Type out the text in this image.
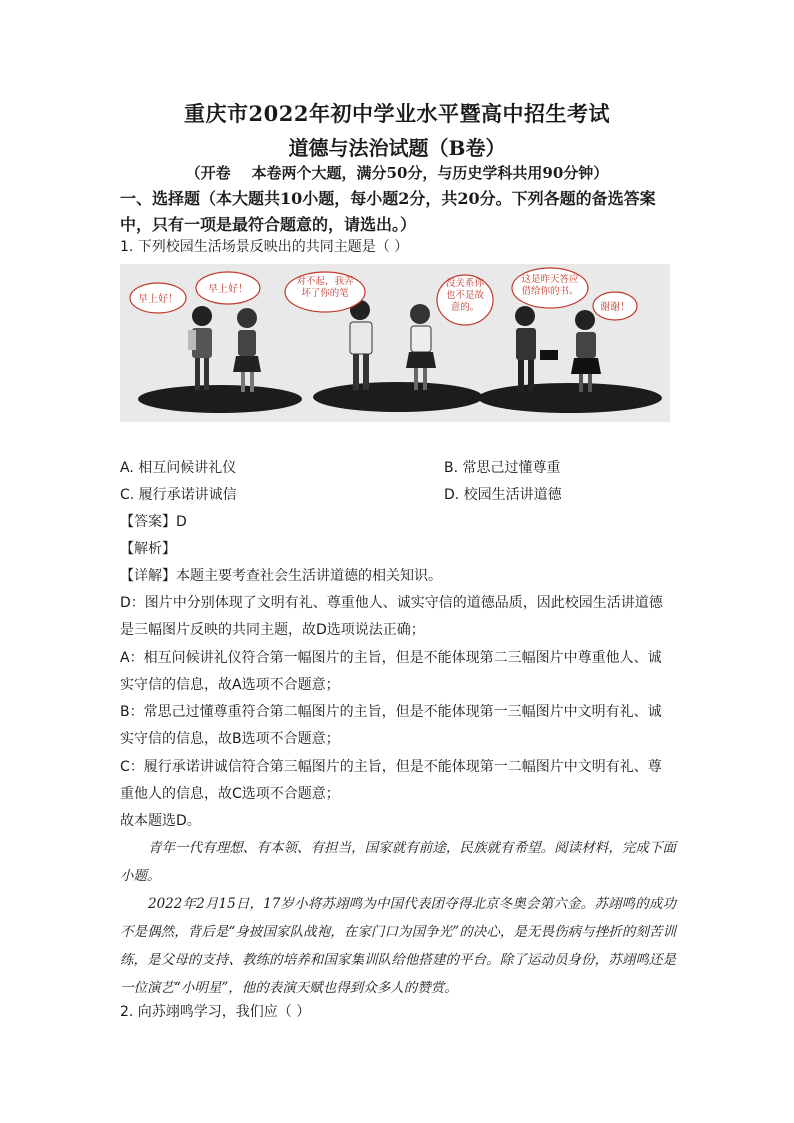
重庆市2022年初中学业水平暨高中招生考试
道德与法治试题（B卷）
（开卷    本卷两个大题，满分50分，与历史学科共用90分钟）
一、选择题（本大题共10小题，每小题2分，共20分。下列各题的备选答案
中，只有一项是最符合题意的，请选出。）
1. 下列校园生活场景反映出的共同主题是（ ）
早上好！
早上好！
对不起，我弄坏了你的笔
没关系你也不是故意的。
这是昨天答应借给你的书。
谢谢！
A. 相互问候讲礼仪	B. 常思己过懂尊重
C. 履行承诺讲诚信	D. 校园生活讲道德
【答案】D
【解析】
【详解】本题主要考查社会生活讲道德的相关知识。
D：图片中分别体现了文明有礼、尊重他人、诚实守信的道德品质，因此校园生活讲道德
是三幅图片反映的共同主题，故D选项说法正确；
A：相互问候讲礼仪符合第一幅图片的主旨，但是不能体现第二三幅图片中尊重他人、诚
实守信的信息，故A选项不合题意；
B：常思己过懂尊重符合第二幅图片的主旨，但是不能体现第一三幅图片中文明有礼、诚
实守信的信息，故B选项不合题意；
C：履行承诺讲诚信符合第三幅图片的主旨，但是不能体现第一二幅图片中文明有礼、尊
重他人的信息，故C选项不合题意；
故本题选D。
青年一代有理想、有本领、有担当，国家就有前途，民族就有希望。阅读材料，完成下面小题。
2022年2月15日，17岁小将苏翊鸣为中国代表团夺得北京冬奥会第六金。苏翊鸣的成功不是偶然，背后是“身披国家队战袍，在家门口为国争光”的决心，是无畏伤病与挫折的刻苦训练，是父母的支持、教练的培养和国家集训队给他搭建的平台。除了运动员身份，苏翊鸣还是一位演艺“小明星”，他的表演天赋也得到众多人的赞赏。
2. 向苏翊鸣学习，我们应（ ）
